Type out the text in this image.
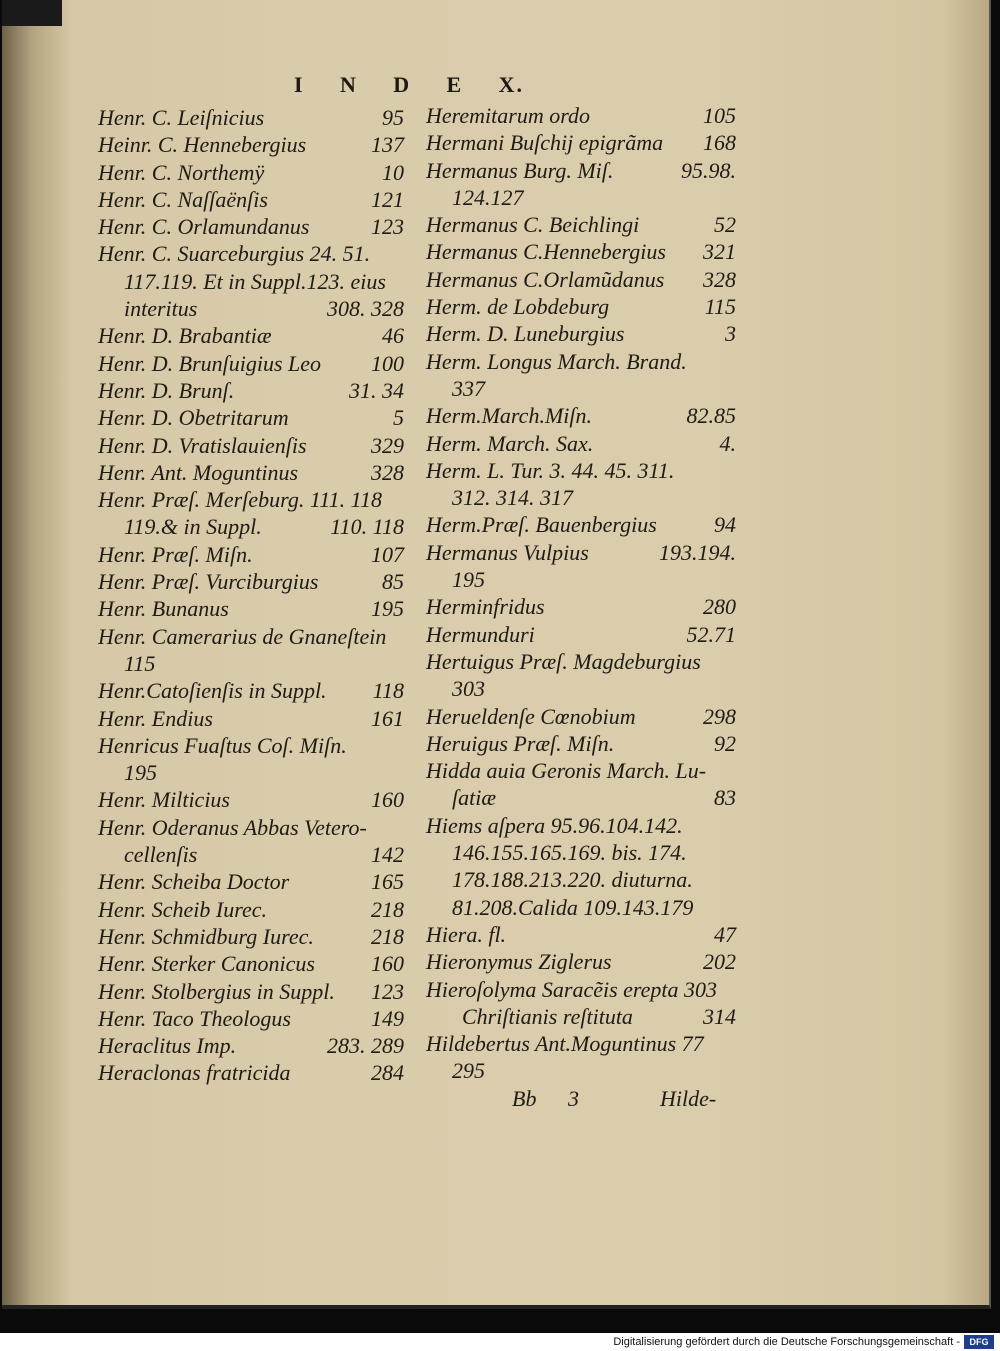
I N D E X.
Henr. C. Leiſnicius	95
Heinr. C. Hennebergius	137
Henr. C. Northemÿ	10
Henr. C. Naſſaënſis	121
Henr. C. Orlamundanus	123
Henr. C. Suarceburgius 24. 51.
117.119. Et in Suppl.123. eius
interitus	308. 328
Henr. D. Brabantiæ	46
Henr. D. Brunſuigius Leo 100
Henr. D. Brunſ.	31. 34
Henr. D. Obetritarum	5
Henr. D. Vratislauienſis	329
Henr. Ant. Moguntinus	328
Henr. Præſ. Merſeburg. 111. 118
119.& in Suppl.	110. 118
Henr. Præſ. Miſn.	107
Henr. Præſ. Vurciburgius	85
Henr. Bunanus	195
Henr. Camerarius de Gnaneſtein
115
Henr.Catoſienſis in Suppl. 118
Henr. Endius	161
Henricus Fuaſtus Coſ. Miſn.
195
Henr. Milticius	160
Henr. Oderanus Abbas Vetero-
cellenſis	142
Henr. Scheiba Doctor	165
Henr. Scheib Iurec.	218
Henr. Schmidburg Iurec.	218
Henr. Sterker Canonicus	160
Henr. Stolbergius in Suppl. 123
Henr. Taco Theologus	149
Heraclitus Imp.	283. 289
Heraclonas fratricida	284
Heremitarum ordo	105
Hermani Buſchij epigrãma 168
Hermanus Burg. Miſ.	95.98.
124.127
Hermanus C. Beichlingi	52
Hermanus C.Hennebergius 321
Hermanus C.Orlamũdanus 328
Herm. de Lobdeburg	115
Herm. D. Luneburgius	3
Herm. Longus March. Brand.
337
Herm.March.Miſn.	82.85
Herm. March. Sax.	4.
Herm. L. Tur. 3. 44. 45. 311.
312. 314. 317
Herm.Præſ. Bauenbergius	94
Hermanus Vulpius	193.194.
195
Herminfridus	280
Hermunduri	52.71
Hertuigus Præſ. Magdeburgius
303
Herueldenſe Cœnobium	298
Heruigus Præſ. Miſn.	92
Hidda auia Geronis March. Lu-
ſatiæ	83
Hiems aſpera 95.96.104.142.
146.155.165.169. bis. 174.
178.188.213.220. diuturna.
81.208.Calida 109.143.179
Hiera. fl.	47
Hieronymus Ziglerus	202
Hieroſolyma Saracẽis erepta 303
Chriſtianis reſtituta	314
Hildebertus Ant.Moguntinus 77
295
Bb 3	Hilde-
Digitalisierung gefördert durch die Deutsche Forschungsgemeinschaft -	DFG
